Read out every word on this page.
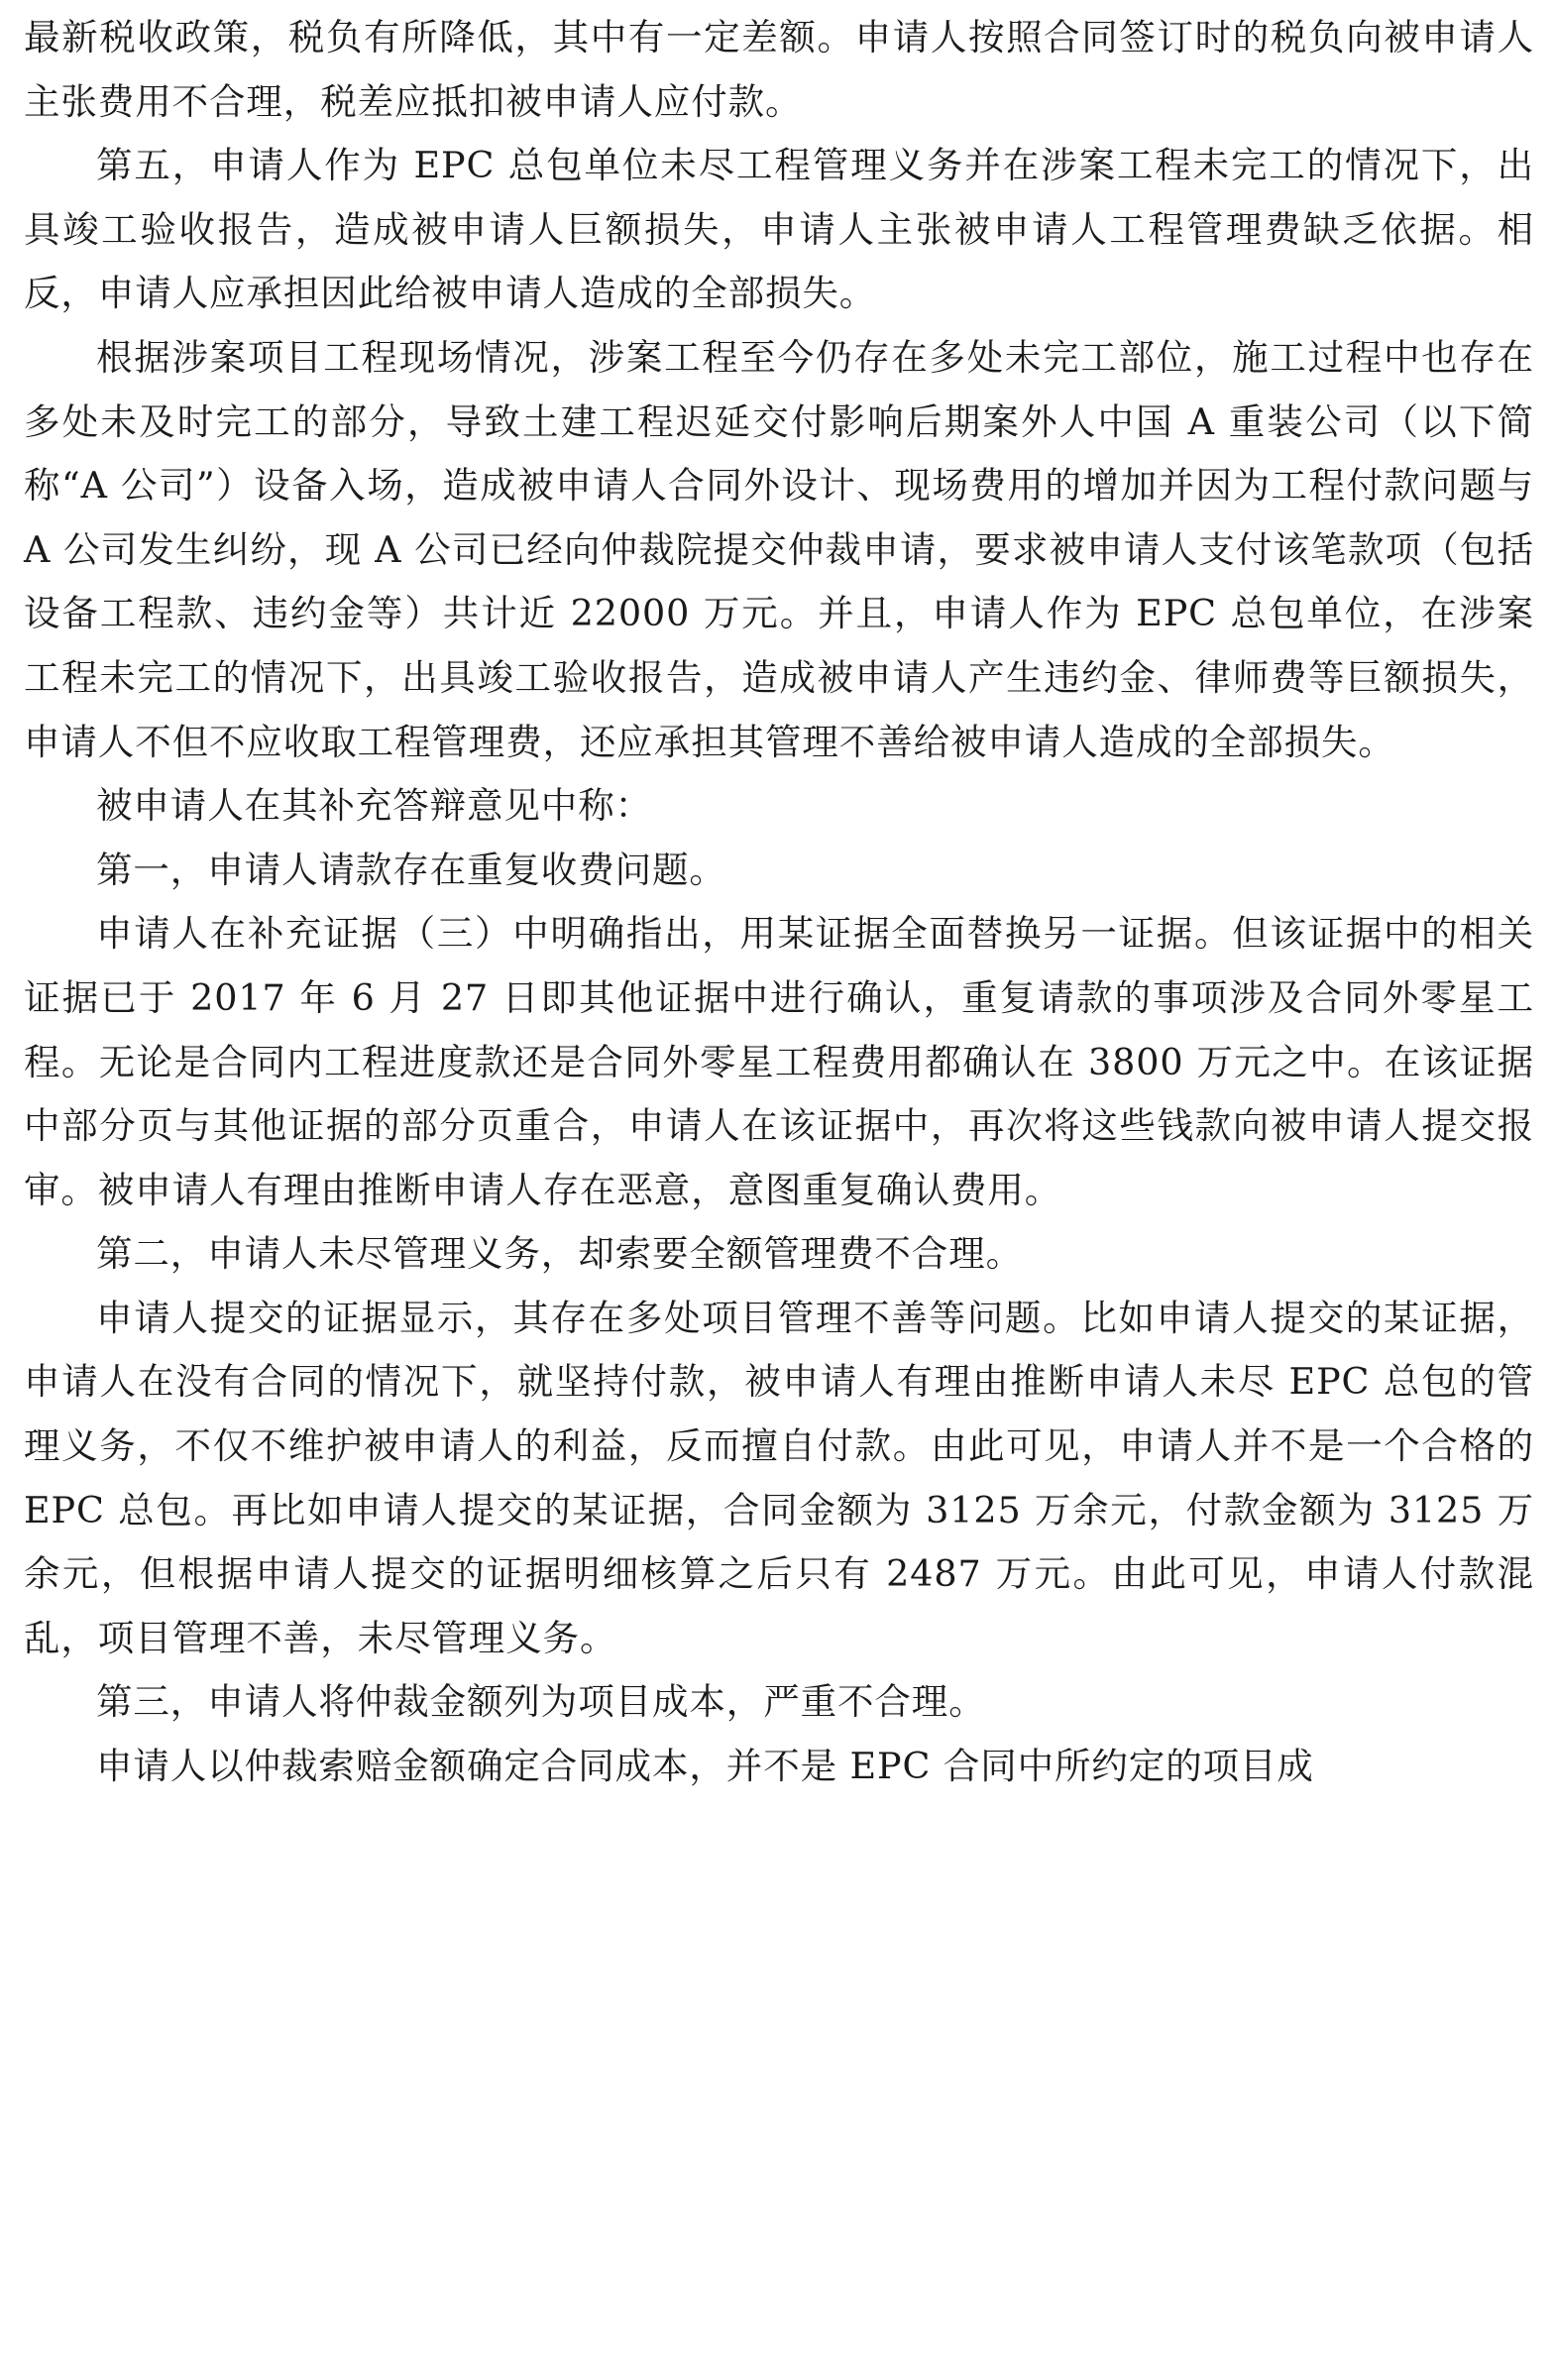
最新税收政策，税负有所降低，其中有一定差额。申请人按照合同签订时的税负向被申请人主张费用不合理，税差应抵扣被申请人应付款。

第五，申请人作为 EPC 总包单位未尽工程管理义务并在涉案工程未完工的情况下，出具竣工验收报告，造成被申请人巨额损失，申请人主张被申请人工程管理费缺乏依据。相反，申请人应承担因此给被申请人造成的全部损失。

根据涉案项目工程现场情况，涉案工程至今仍存在多处未完工部位，施工过程中也存在多处未及时完工的部分，导致土建工程迟延交付影响后期案外人中国 A 重装公司（以下简称“A 公司”）设备入场，造成被申请人合同外设计、现场费用的增加并因为工程付款问题与 A 公司发生纠纷，现 A 公司已经向仲裁院提交仲裁申请，要求被申请人支付该笔款项（包括设备工程款、违约金等）共计近 22000 万元。并且，申请人作为 EPC 总包单位，在涉案工程未完工的情况下，出具竣工验收报告，造成被申请人产生违约金、律师费等巨额损失，申请人不但不应收取工程管理费，还应承担其管理不善给被申请人造成的全部损失。

被申请人在其补充答辩意见中称：

第一，申请人请款存在重复收费问题。

申请人在补充证据（三）中明确指出，用某证据全面替换另一证据。但该证据中的相关证据已于 2017 年 6 月 27 日即其他证据中进行确认，重复请款的事项涉及合同外零星工程。无论是合同内工程进度款还是合同外零星工程费用都确认在 3800 万元之中。在该证据中部分页与其他证据的部分页重合，申请人在该证据中，再次将这些钱款向被申请人提交报审。被申请人有理由推断申请人存在恶意，意图重复确认费用。

第二，申请人未尽管理义务，却索要全额管理费不合理。

申请人提交的证据显示，其存在多处项目管理不善等问题。比如申请人提交的某证据，申请人在没有合同的情况下，就坚持付款，被申请人有理由推断申请人未尽 EPC 总包的管理义务，不仅不维护被申请人的利益，反而擅自付款。由此可见，申请人并不是一个合格的 EPC 总包。再比如申请人提交的某证据，合同金额为 3125 万余元，付款金额为 3125 万余元，但根据申请人提交的证据明细核算之后只有 2487 万元。由此可见，申请人付款混乱，项目管理不善，未尽管理义务。

第三，申请人将仲裁金额列为项目成本，严重不合理。

申请人以仲裁索赔金额确定合同成本，并不是 EPC 合同中所约定的项目成
